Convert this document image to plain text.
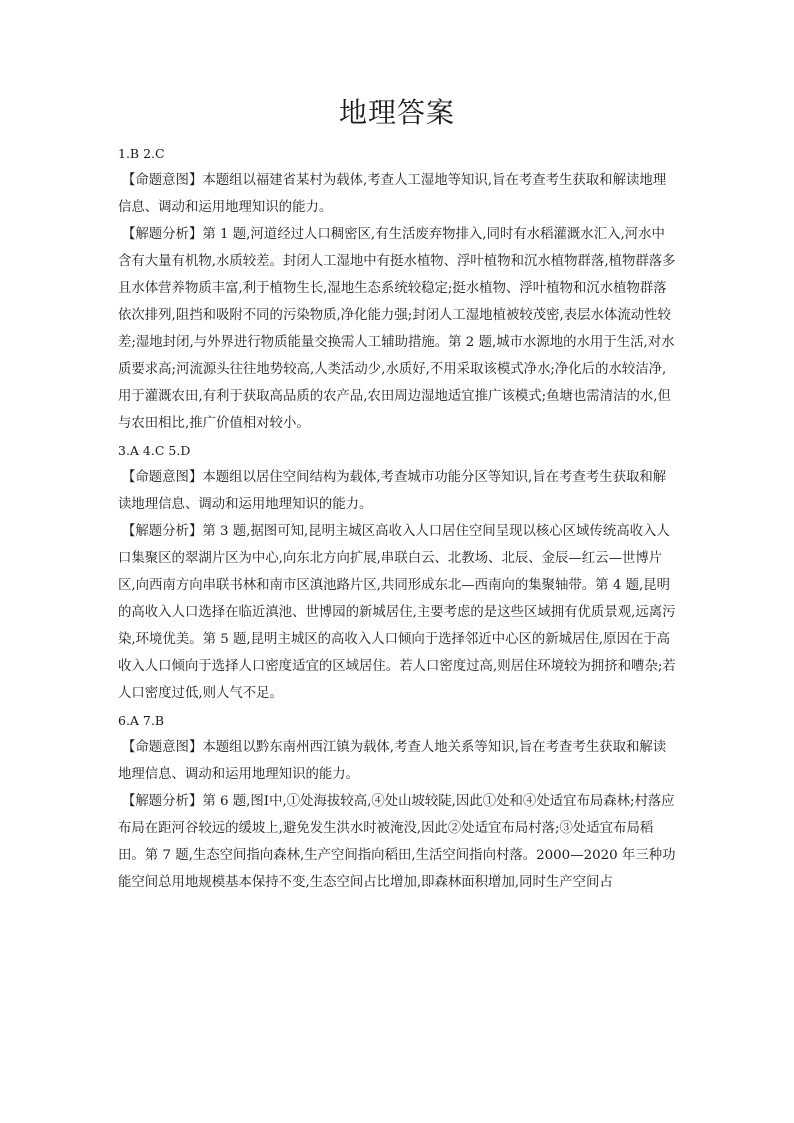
地理答案

1.B 2.C

【命题意图】本题组以福建省某村为载体,考查人工湿地等知识,旨在考查考生获取和解读地理信息、调动和运用地理知识的能力。

【解题分析】第 1 题,河道经过人口稠密区,有生活废弃物排入,同时有水稻灌溉水汇入,河水中含有大量有机物,水质较差。封闭人工湿地中有挺水植物、浮叶植物和沉水植物群落,植物群落多且水体营养物质丰富,利于植物生长,湿地生态系统较稳定;挺水植物、浮叶植物和沉水植物群落依次排列,阻挡和吸附不同的污染物质,净化能力强;封闭人工湿地植被较茂密,表层水体流动性较差;湿地封闭,与外界进行物质能量交换需人工辅助措施。第 2 题,城市水源地的水用于生活,对水质要求高;河流源头往往地势较高,人类活动少,水质好,不用采取该模式净水;净化后的水较洁净,用于灌溉农田,有利于获取高品质的农产品,农田周边湿地适宜推广该模式;鱼塘也需清洁的水,但与农田相比,推广价值相对较小。

3.A 4.C 5.D

【命题意图】本题组以居住空间结构为载体,考查城市功能分区等知识,旨在考查考生获取和解读地理信息、调动和运用地理知识的能力。

【解题分析】第 3 题,据图可知,昆明主城区高收入人口居住空间呈现以核心区域传统高收入人口集聚区的翠湖片区为中心,向东北方向扩展,串联白云、北教场、北辰、金辰—红云—世博片区,向西南方向串联书林和南市区滇池路片区,共同形成东北—西南向的集聚轴带。第 4 题,昆明的高收入人口选择在临近滇池、世博园的新城居住,主要考虑的是这些区域拥有优质景观,远离污染,环境优美。第 5 题,昆明主城区的高收入人口倾向于选择邻近中心区的新城居住,原因在于高收入人口倾向于选择人口密度适宜的区域居住。若人口密度过高,则居住环境较为拥挤和嘈杂;若人口密度过低,则人气不足。

6.A 7.B

【命题意图】本题组以黔东南州西江镇为载体,考查人地关系等知识,旨在考查考生获取和解读地理信息、调动和运用地理知识的能力。

【解题分析】第 6 题,图Ⅰ中,①处海拔较高,④处山坡较陡,因此①处和④处适宜布局森林;村落应布局在距河谷较远的缓坡上,避免发生洪水时被淹没,因此②处适宜布局村落;③处适宜布局稻田。第 7 题,生态空间指向森林,生产空间指向稻田,生活空间指向村落。2000—2020 年三种功能空间总用地规模基本保持不变,生态空间占比增加,即森林面积增加,同时生产空间占
